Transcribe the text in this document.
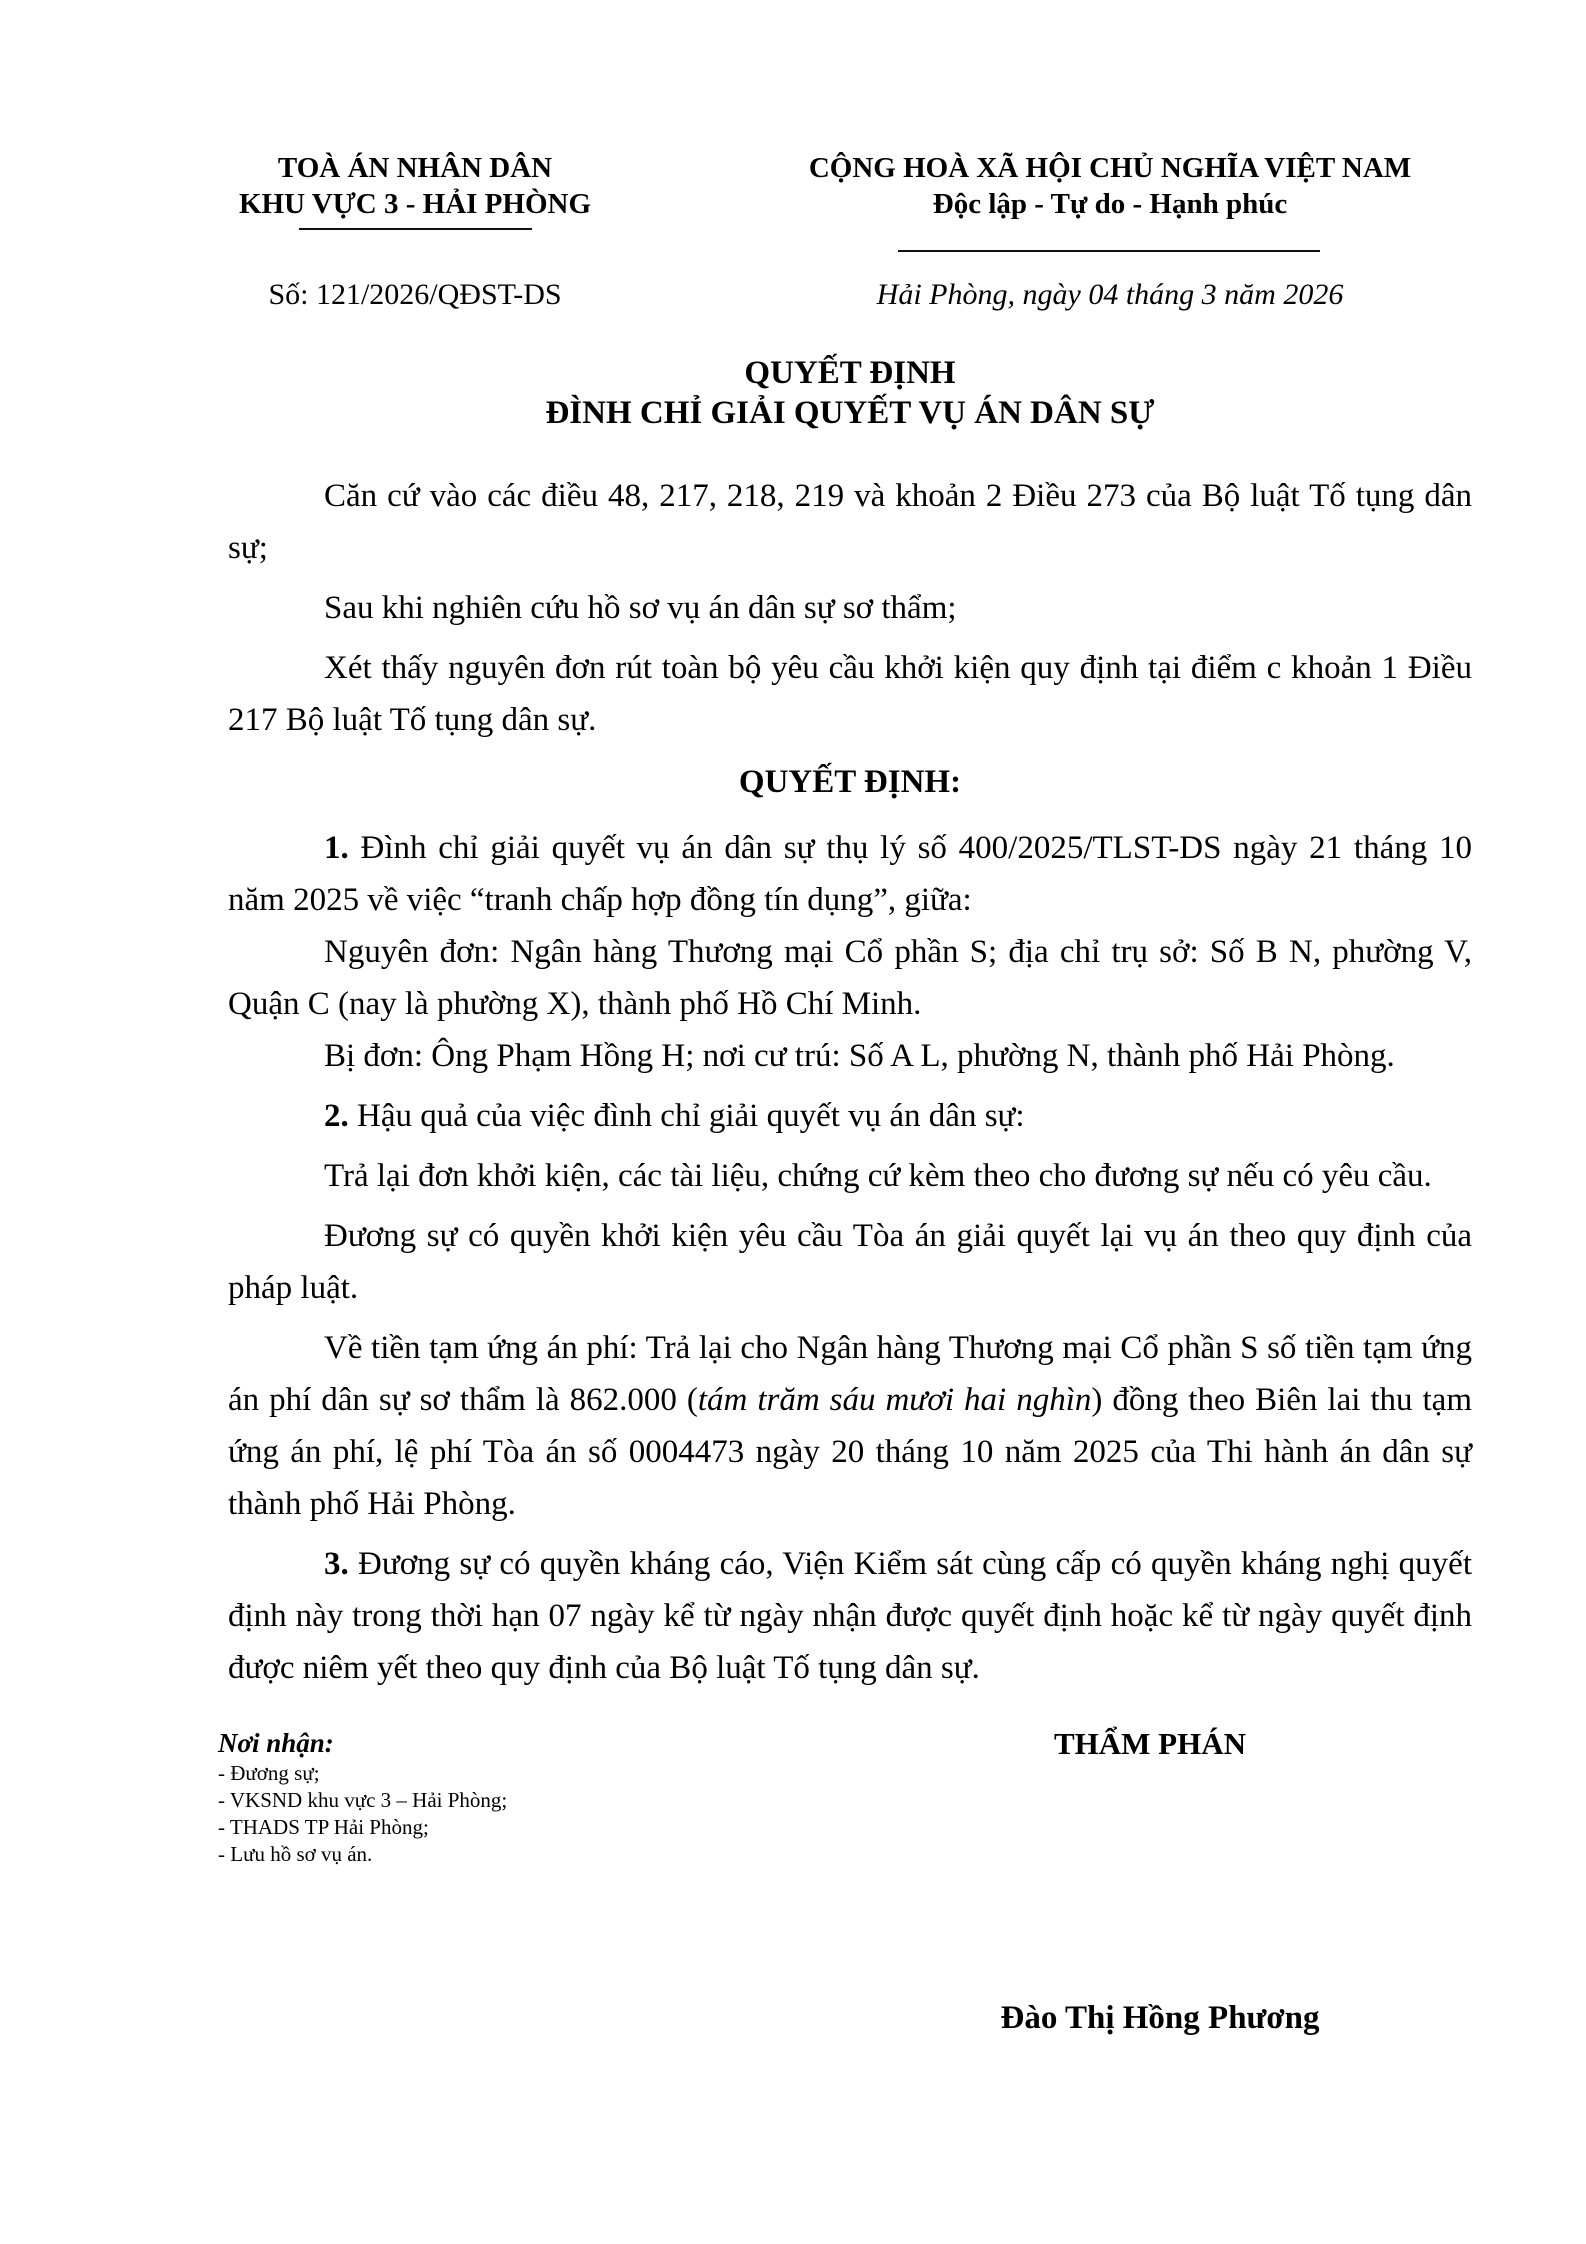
TOÀ ÁN NHÂN DÂN
KHU VỰC 3 - HẢI PHÒNG
CỘNG HOÀ XÃ HỘI CHỦ NGHĨA VIỆT NAM
Độc lập - Tự do - Hạnh phúc
Số: 121/2026/QĐST-DS	Hải Phòng, ngày 04 tháng 3 năm 2026
QUYẾT ĐỊNH
ĐÌNH CHỈ GIẢI QUYẾT VỤ ÁN DÂN SỰ

Căn cứ vào các điều 48, 217, 218, 219 và khoản 2 Điều 273 của Bộ luật Tố tụng dân sự;

Sau khi nghiên cứu hồ sơ vụ án dân sự sơ thẩm;

Xét thấy nguyên đơn rút toàn bộ yêu cầu khởi kiện quy định tại điểm c khoản 1 Điều 217 Bộ luật Tố tụng dân sự.

QUYẾT ĐỊNH:

1. Đình chỉ giải quyết vụ án dân sự thụ lý số 400/2025/TLST-DS ngày 21 tháng 10 năm 2025 về việc “tranh chấp hợp đồng tín dụng”, giữa:

Nguyên đơn: Ngân hàng Thương mại Cổ phần S; địa chỉ trụ sở: Số B N, phường V, Quận C (nay là phường X), thành phố Hồ Chí Minh.

Bị đơn: Ông Phạm Hồng H; nơi cư trú: Số A L, phường N, thành phố Hải Phòng.

2. Hậu quả của việc đình chỉ giải quyết vụ án dân sự:

Trả lại đơn khởi kiện, các tài liệu, chứng cứ kèm theo cho đương sự nếu có yêu cầu.

Đương sự có quyền khởi kiện yêu cầu Tòa án giải quyết lại vụ án theo quy định của pháp luật.

Về tiền tạm ứng án phí: Trả lại cho Ngân hàng Thương mại Cổ phần S số tiền tạm ứng án phí dân sự sơ thẩm là 862.000 (tám trăm sáu mươi hai nghìn) đồng theo Biên lai thu tạm ứng án phí, lệ phí Tòa án số 0004473 ngày 20 tháng 10 năm 2025 của Thi hành án dân sự thành phố Hải Phòng.

3. Đương sự có quyền kháng cáo, Viện Kiểm sát cùng cấp có quyền kháng nghị quyết định này trong thời hạn 07 ngày kể từ ngày nhận được quyết định hoặc kể từ ngày quyết định được niêm yết theo quy định của Bộ luật Tố tụng dân sự.

Nơi nhận:
- Đương sự;
- VKSND khu vực 3 – Hải Phòng;
- THADS TP Hải Phòng;
- Lưu hồ sơ vụ án.
THẨM PHÁN
Đào Thị Hồng Phương
